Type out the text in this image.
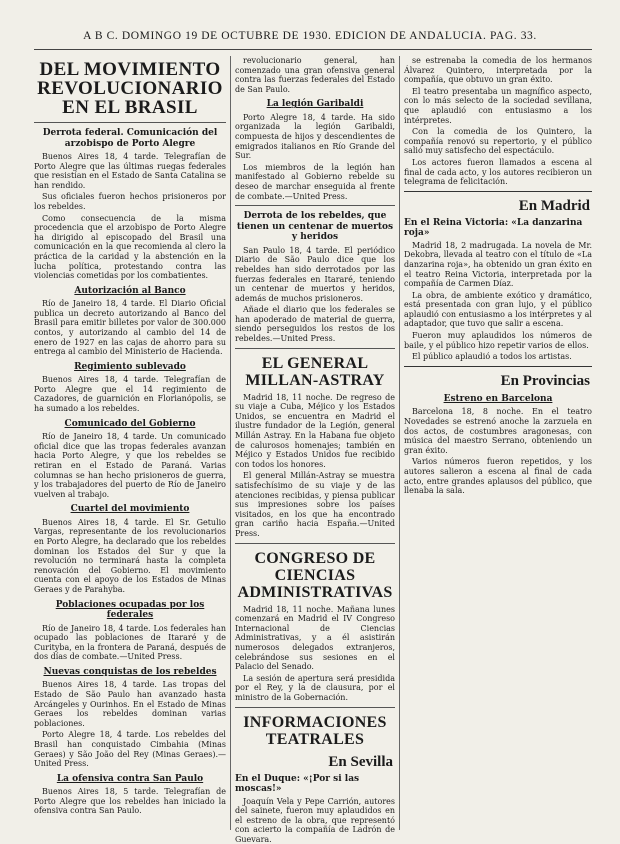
A B C. DOMINGO 19 DE OCTUBRE DE 1930. EDICION DE ANDALUCIA. PAG. 33.
DEL MOVIMIENTO REVOLUCIONARIO EN EL BRASIL
Derrota federal. Comunicación del arzobispo de Porto Alegre

Buenos Aires 18, 4 tarde. Telegrafían de Porto Alegre que las últimas ruegas federales que resistían en el Estado de Santa Catalina se han rendido.

Sus oficiales fueron hechos prisioneros por los rebeldes.

Como consecuencia de la misma procedencia que el arzobispo de Porto Alegre ha dirigido al episcopado del Brasil una comunicación en la que recomienda al clero la práctica de la caridad y la abstención en la lucha política, protestando contra las violencias cometidas por los combatientes.

Autorización al Banco

Río de Janeiro 18, 4 tarde. El Diario Oficial publica un decreto autorizando al Banco del Brasil para emitir billetes por valor de 300.000 contos, y autorizando al cambio del 14 de enero de 1927 en las cajas de ahorro para su entrega al cambio del Ministerio de Hacienda.

Regimiento sublevado

Buenos Aires 18, 4 tarde. Telegrafían de Porto Alegre que el 14 regimiento de Cazadores, de guarnición en Florianópolis, se ha sumado a los rebeldes.

Comunicado del Gobierno

Río de Janeiro 18, 4 tarde. Un comunicado oficial dice que las tropas federales avanzan hacia Porto Alegre, y que los rebeldes se retiran en el Estado de Paraná. Varias columnas se han hecho prisioneros de guerra, y los trabajadores del puerto de Río de Janeiro vuelven al trabajo.

Cuartel del movimiento

Buenos Aires 18, 4 tarde. El Sr. Getulio Vargas, representante de los revolucionarios en Porto Alegre, ha declarado que los rebeldes dominan los Estados del Sur y que la revolución no terminará hasta la completa renovación del Gobierno. El movimiento cuenta con el apoyo de los Estados de Minas Geraes y de Parahyba.

Poblaciones ocupadas por los federales

Río de Janeiro 18, 4 tarde. Los federales han ocupado las poblaciones de Itararé y de Curityba, en la frontera de Paraná, después de dos días de combate.—United Press.

Nuevas conquistas de los rebeldes

Buenos Aires 18, 4 tarde. Las tropas del Estado de São Paulo han avanzado hasta Arcángeles y Ourinhos. En el Estado de Minas Geraes los rebeldes dominan varias poblaciones.

Porto Alegre 18, 4 tarde. Los rebeldes del Brasil han conquistado Cimbahia (Minas Geraes) y São João del Rey (Minas Geraes).—United Press.

La ofensiva contra San Paulo

Buenos Aires 18, 5 tarde. Telegrafían de Porto Alegre que los rebeldes han iniciado la ofensiva contra San Paulo.

revolucionario general, han comenzado una gran ofensiva general contra las fuerzas federales del Estado de San Paulo.

La legión Garibaldi

Porto Alegre 18, 4 tarde. Ha sido organizada la legión Garibaldi, compuesta de hijos y descendientes de emigrados italianos en Río Grande del Sur.

Los miembros de la legión han manifestado al Gobierno rebelde su deseo de marchar enseguida al frente de combate.—United Press.

Derrota de los rebeldes, que tienen un centenar de muertos y heridos

San Paulo 18, 4 tarde. El periódico Diario de São Paulo dice que los rebeldes han sido derrotados por las fuerzas federales en Itararé, teniendo un centenar de muertos y heridos, además de muchos prisioneros.

Añade el diario que los federales se han apoderado de material de guerra, siendo perseguidos los restos de los rebeldes.—United Press.

EL GENERAL MILLAN-ASTRAY

Madrid 18, 11 noche. De regreso de su viaje a Cuba, Méjico y los Estados Unidos, se encuentra en Madrid el ilustre fundador de la Legión, general Millán Astray. En la Habana fue objeto de calurosos homenajes; también en Méjico y Estados Unidos fue recibido con todos los honores.

El general Millán-Astray se muestra satisfechísimo de su viaje y de las atenciones recibidas, y piensa publicar sus impresiones sobre los países visitados, en los que ha encontrado gran cariño hacia España.—United Press.

CONGRESO DE CIENCIAS ADMINISTRATIVAS

Madrid 18, 11 noche. Mañana lunes comenzará en Madrid el IV Congreso Internacional de Ciencias Administrativas, y a él asistirán numerosos delegados extranjeros, celebrándose sus sesiones en el Palacio del Senado.

La sesión de apertura será presidida por el Rey, y la de clausura, por el ministro de la Gobernación.

INFORMACIONES TEATRALES
En Sevilla
En el Duque: «¡Por si las moscas!»

Joaquín Vela y Pepe Carrión, autores del sainete, fueron muy aplaudidos en el estreno de la obra, que representó con acierto la compañía de Ladrón de Guevara.

se estrenaba la comedia de los hermanos Álvarez Quintero, interpretada por la compañía, que obtuvo un gran éxito.

El teatro presentaba un magnífico aspecto, con lo más selecto de la sociedad sevillana, que aplaudió con entusiasmo a los intérpretes.

Con la comedia de los Quintero, la compañía renovó su repertorio, y el público salió muy satisfecho del espectáculo.

Los actores fueron llamados a escena al final de cada acto, y los autores recibieron un telegrama de felicitación.

En Madrid
En el Reina Victoria: «La danzarina roja»

Madrid 18, 2 madrugada. La novela de Mr. Dekobra, llevada al teatro con el título de «La danzarina roja», ha obtenido un gran éxito en el teatro Reina Victoria, interpretada por la compañía de Carmen Díaz.

La obra, de ambiente exótico y dramático, está presentada con gran lujo, y el público aplaudió con entusiasmo a los intérpretes y al adaptador, que tuvo que salir a escena.

Fueron muy aplaudidos los números de baile, y el público hizo repetir varios de ellos.

El público aplaudió a todos los artistas.

En Provincias
Estreno en Barcelona

Barcelona 18, 8 noche. En el teatro Novedades se estrenó anoche la zarzuela en dos actos, de costumbres aragonesas, con música del maestro Serrano, obteniendo un gran éxito.

Varios números fueron repetidos, y los autores salieron a escena al final de cada acto, entre grandes aplausos del público, que llenaba la sala.
